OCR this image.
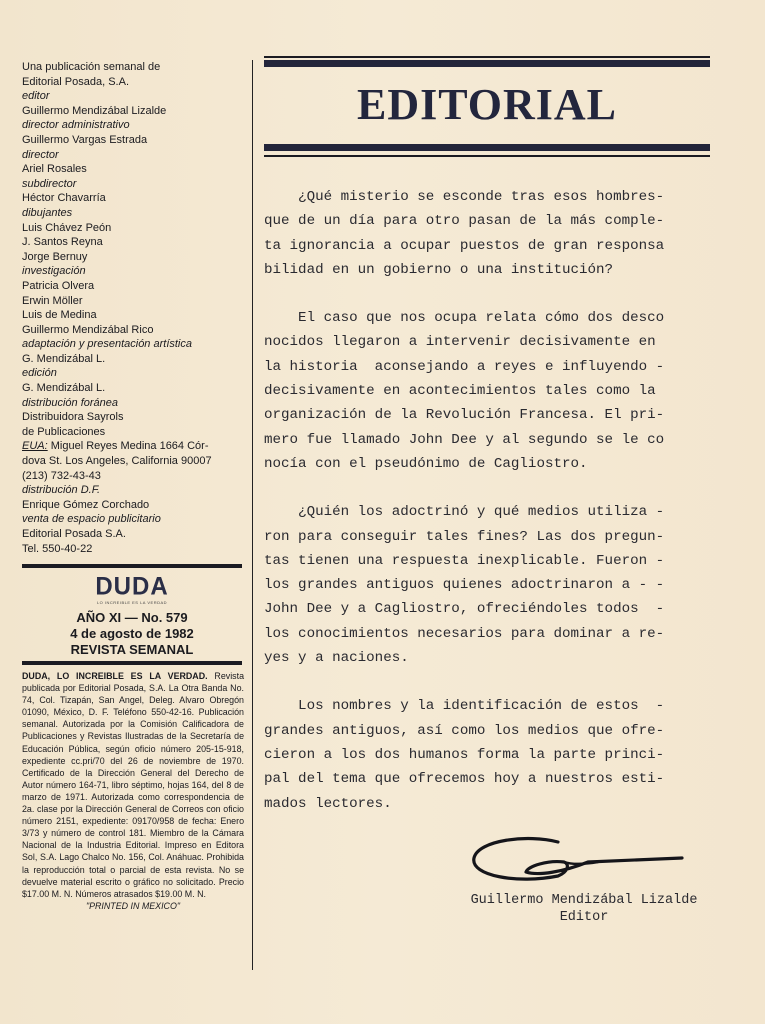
Una publicación semanal de
Editorial Posada, S.A.
editor
Guillermo Mendizábal Lizalde
director administrativo
Guillermo Vargas Estrada
director
Ariel Rosales
subdirector
Héctor Chavarría
dibujantes
Luis Chávez Peón
J. Santos Reyna
Jorge Bernuy
investigación
Patricia Olvera
Erwin Möller
Luis de Medina
Guillermo Mendizábal Rico
adaptación y presentación artística
G. Mendizábal L.
edición
G. Mendizábal L.
distribución foránea
Distribuidora Sayrols
de Publicaciones
EUA: Miguel Reyes Medina 1664 Cór-
dova St. Los Angeles, California 90007
(213) 732-43-43
distribución D.F.
Enrique Gómez Corchado
venta de espacio publicitario
Editorial Posada S.A.
Tel. 550-40-22
DUDA
LO INCREIBLE ES LA VERDAD
AÑO XI — No. 579
4 de agosto de 1982
REVISTA SEMANAL
DUDA, LO INCREIBLE ES LA VERDAD. Revista publicada por Editorial Posada, S.A. La Otra Banda No. 74, Col. Tizapán, San Angel, Deleg. Alvaro Obregón 01090, México, D. F. Teléfono 550-42-16. Publicación semanal. Autorizada por la Comisión Calificadora de Publicaciones y Revistas Ilustradas de la Secretaría de Educación Pública, según oficio número 205-15-918, expediente cc.pri/70 del 26 de noviembre de 1970. Certificado de la Dirección General del Derecho de Autor número 164-71, libro séptimo, hojas 164, del 8 de marzo de 1971. Autorizada como correspondencia de 2a. clase por la Dirección General de Correos con oficio número 2151, expediente: 09170/958 de fecha: Enero 3/73 y número de control 181. Miembro de la Cámara Nacional de la Industria Editorial. Impreso en Editora Sol, S.A. Lago Chalco No. 156, Col. Anáhuac. Prohibida la reproducción total o parcial de esta revista. No se devuelve material escrito o gráfico no solicitado. Precio $17.00 M. N. Números atrasados $19.00 M. N.
"PRINTED IN MEXICO"
EDITORIAL
¿Qué misterio se esconde tras esos hombres-
que de un día para otro pasan de la más comple-
ta ignorancia a ocupar puestos de gran responsa
bilidad en un gobierno o una institución?
El caso que nos ocupa relata cómo dos desco
nocidos llegaron a intervenir decisivamente en
la historia  aconsejando a reyes e influyendo -
decisivamente en acontecimientos tales como la
organización de la Revolución Francesa. El pri-
mero fue llamado John Dee y al segundo se le co
nocía con el pseudónimo de Cagliostro.
¿Quién los adoctrinó y qué medios utiliza -
ron para conseguir tales fines? Las dos pregun-
tas tienen una respuesta inexplicable. Fueron -
los grandes antiguos quienes adoctrinaron a - -
John Dee y a Cagliostro, ofreciéndoles todos  -
los conocimientos necesarios para dominar a re-
yes y a naciones.
Los nombres y la identificación de estos  -
grandes antiguos, así como los medios que ofre-
cieron a los dos humanos forma la parte princi-
pal del tema que ofrecemos hoy a nuestros esti-
mados lectores.
Guillermo Mendizábal Lizalde
Editor
